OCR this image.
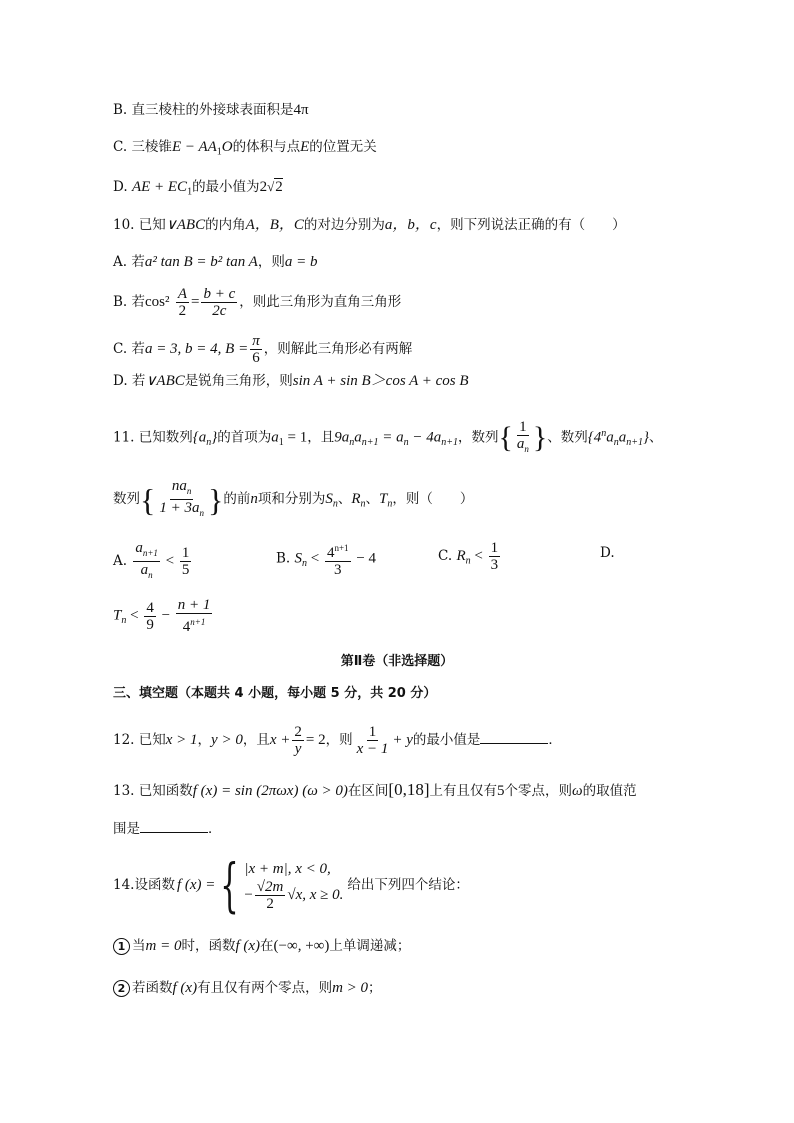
B. 直三棱柱的外接球表面积是4π
C. 三棱锥$E - AA_1O$的体积与点E的位置无关
D. AE + $EC_1$的最小值为2√2
10. 已知∨ABC的内角A，B，C的对边分别为a，b，c，则下列说法正确的有（　　）
A. 若a² tan B = b² tan A，则a = b
B. 若$\cos^2 \frac{A}{2} = \frac{b + c}{2c}$ ，则此三角形为直角三角形
C. 若a = 3, b = 4, $B = \frac{\pi}{6}$ ，则解此三角形必有两解
D. 若∨ABC是锐角三角形，则sin A + sin B＞cos A + cos B
11. 已知数列$\{a_n\}$的首项为$a_1 = 1$，且$9a_na_{n+1} = a_n - 4a_{n+1}$，数列{ $\frac{1}{a_n}$ }、数列$\{4^na_na_{n+1}\}$、
数列{ $\frac{na_n}{1 + 3a_n}$ }的前n项和分别为$S_n$、$R_n$、$T_n$，则（　　）
A. $\frac{a_{n+1}}{a_n} < \frac{1}{5}$	B. $S_n < \frac{4^{n+1}}{3} - 4$	C. $R_n < \frac{1}{3}$	D.
$T_n < \frac{4}{9} - \frac{n + 1}{4^{n+1}}$
第Ⅱ卷（非选择题）
三、填空题（本题共 4 小题，每小题 5 分，共 20 分）
12. 已知x > 1，y > 0，且$x + \frac{2}{y} = 2$，则 $\frac{1}{x - 1} + y$的最小值是	．
13. 已知函数f (x) = sin (2πωx) (ω > 0)在区间[0,18]上有且仅有5个零点，则ω的取值范
围是	．
14. 设函数 f (x) = { |x + m|, x < 0,
− $\frac{√2m}{2} √x$, x ≥ 0.
给出下列四个结论：
1 当m = 0时，函数f (x)在(−∞, +∞)上单调递减；
2 若函数f (x)有且仅有两个零点，则m > 0；
